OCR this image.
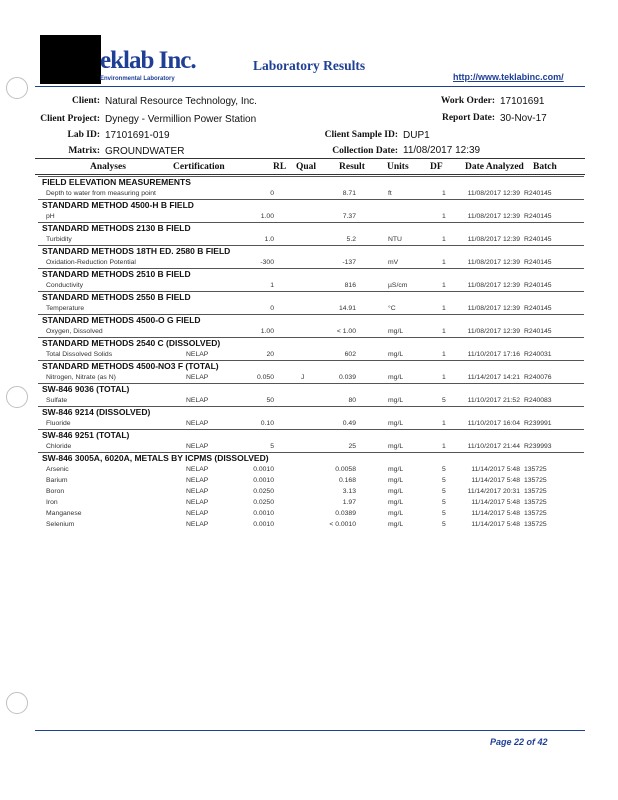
eklab Inc.
Environmental Laboratory
Laboratory Results
http://www.teklabinc.com/
Client: Natural Resource Technology, Inc.
Client Project: Dynegy - Vermillion Power Station
Lab ID: 17101691-019
Matrix: GROUNDWATER
Work Order: 17101691
Report Date: 30-Nov-17
Client Sample ID: DUP1
Collection Date: 11/08/2017 12:39
Analyses	Certification	RL Qual Result Units DF Date Analyzed Batch
FIELD ELEVATION MEASUREMENTS
Depth to water from measuring point	0	8.71	ft	1	11/08/2017 12:39 R240145
STANDARD METHOD 4500-H B FIELD
pH	1.00	7.37	1	11/08/2017 12:39 R240145
STANDARD METHODS 2130 B FIELD
Turbidity	1.0	5.2	NTU	1	11/08/2017 12:39 R240145
STANDARD METHODS 18TH ED. 2580 B FIELD
Oxidation-Reduction Potential	-300	-137	mV	1	11/08/2017 12:39 R240145
STANDARD METHODS 2510 B FIELD
Conductivity	1	816	µS/cm	1	11/08/2017 12:39 R240145
STANDARD METHODS 2550 B FIELD
Temperature	0	14.91	°C	1	11/08/2017 12:39 R240145
STANDARD METHODS 4500-O G FIELD
Oxygen, Dissolved	1.00	< 1.00	mg/L	1	11/08/2017 12:39 R240145
STANDARD METHODS 2540 C (DISSOLVED)
Total Dissolved Solids	NELAP	20	602	mg/L	1	11/10/2017 17:16 R240031
STANDARD METHODS 4500-NO3 F (TOTAL)
Nitrogen, Nitrate (as N)	NELAP	0.050	J	0.039	mg/L	1	11/14/2017 14:21 R240076
SW-846 9036 (TOTAL)
Sulfate	NELAP	50	80	mg/L	5	11/10/2017 21:52 R240083
SW-846 9214 (DISSOLVED)
Fluoride	NELAP	0.10	0.49	mg/L	1	11/10/2017 16:04 R239991
SW-846 9251 (TOTAL)
Chloride	NELAP	5	25	mg/L	1	11/10/2017 21:44 R239993
SW-846 3005A, 6020A, METALS BY ICPMS (DISSOLVED)
Arsenic	NELAP	0.0010	0.0058	mg/L	5	11/14/2017 5:48 135725
Barium	NELAP	0.0010	0.168	mg/L	5	11/14/2017 5:48 135725
Boron	NELAP	0.0250	3.13	mg/L	5	11/14/2017 20:31 135725
Iron	NELAP	0.0250	1.97	mg/L	5	11/14/2017 5:48 135725
Manganese	NELAP	0.0010	0.0389	mg/L	5	11/14/2017 5:48 135725
Selenium	NELAP	0.0010	< 0.0010	mg/L	5	11/14/2017 5:48 135725
Page 22 of 42
